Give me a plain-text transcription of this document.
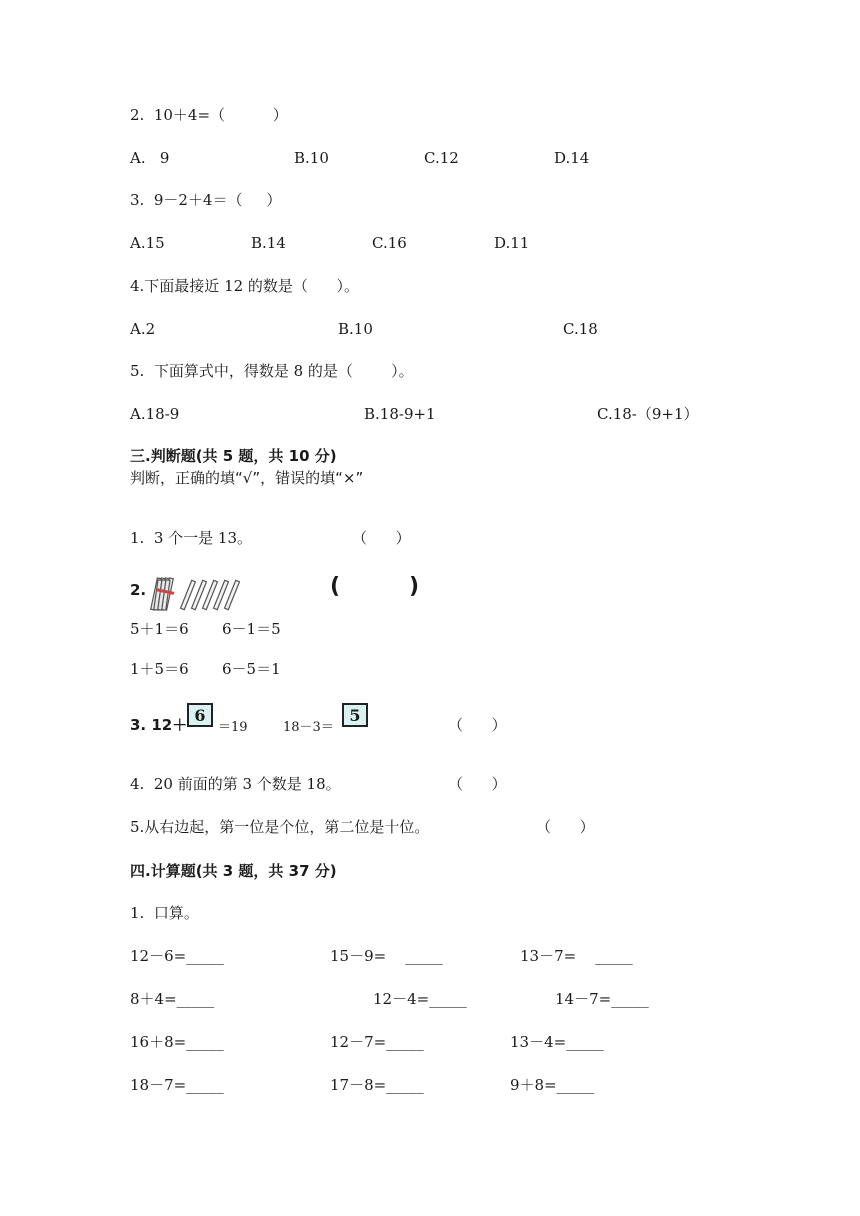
2.  10＋4=（          ）
A.   9	B.10	C.12	D.14
3.  9－2＋4＝（     ）
A.15	B.14	C.16	D.11
4.下面最接近 12 的数是（      ）。
A.2	B.10	C.18
5.  下面算式中，得数是 8 的是（        ）。
A.18-9	B.18-9+1	C.18-（9+1）
三.判断题(共 5 题，共 10 分)
判断，正确的填“√”，错误的填“×”
1.  3 个一是 13。	（      ）
2.	(         )
5＋1＝6       6－1＝5
1＋5＝6       6－5＝1
3. 12＋
6
＝19	18－3＝
5
（      ）
4.  20 前面的第 3 个数是 18。	（      ）
5.从右边起，第一位是个位，第二位是十位。	（      ）
四.计算题(共 3 题，共 37 分)
1.  口算。
12－6=_____	15－9=    _____	13－7=    _____
8＋4=_____	12－4=_____	14－7=_____
16＋8=_____	12－7=_____	13－4=_____
18－7=_____	17－8=_____	9＋8=_____
